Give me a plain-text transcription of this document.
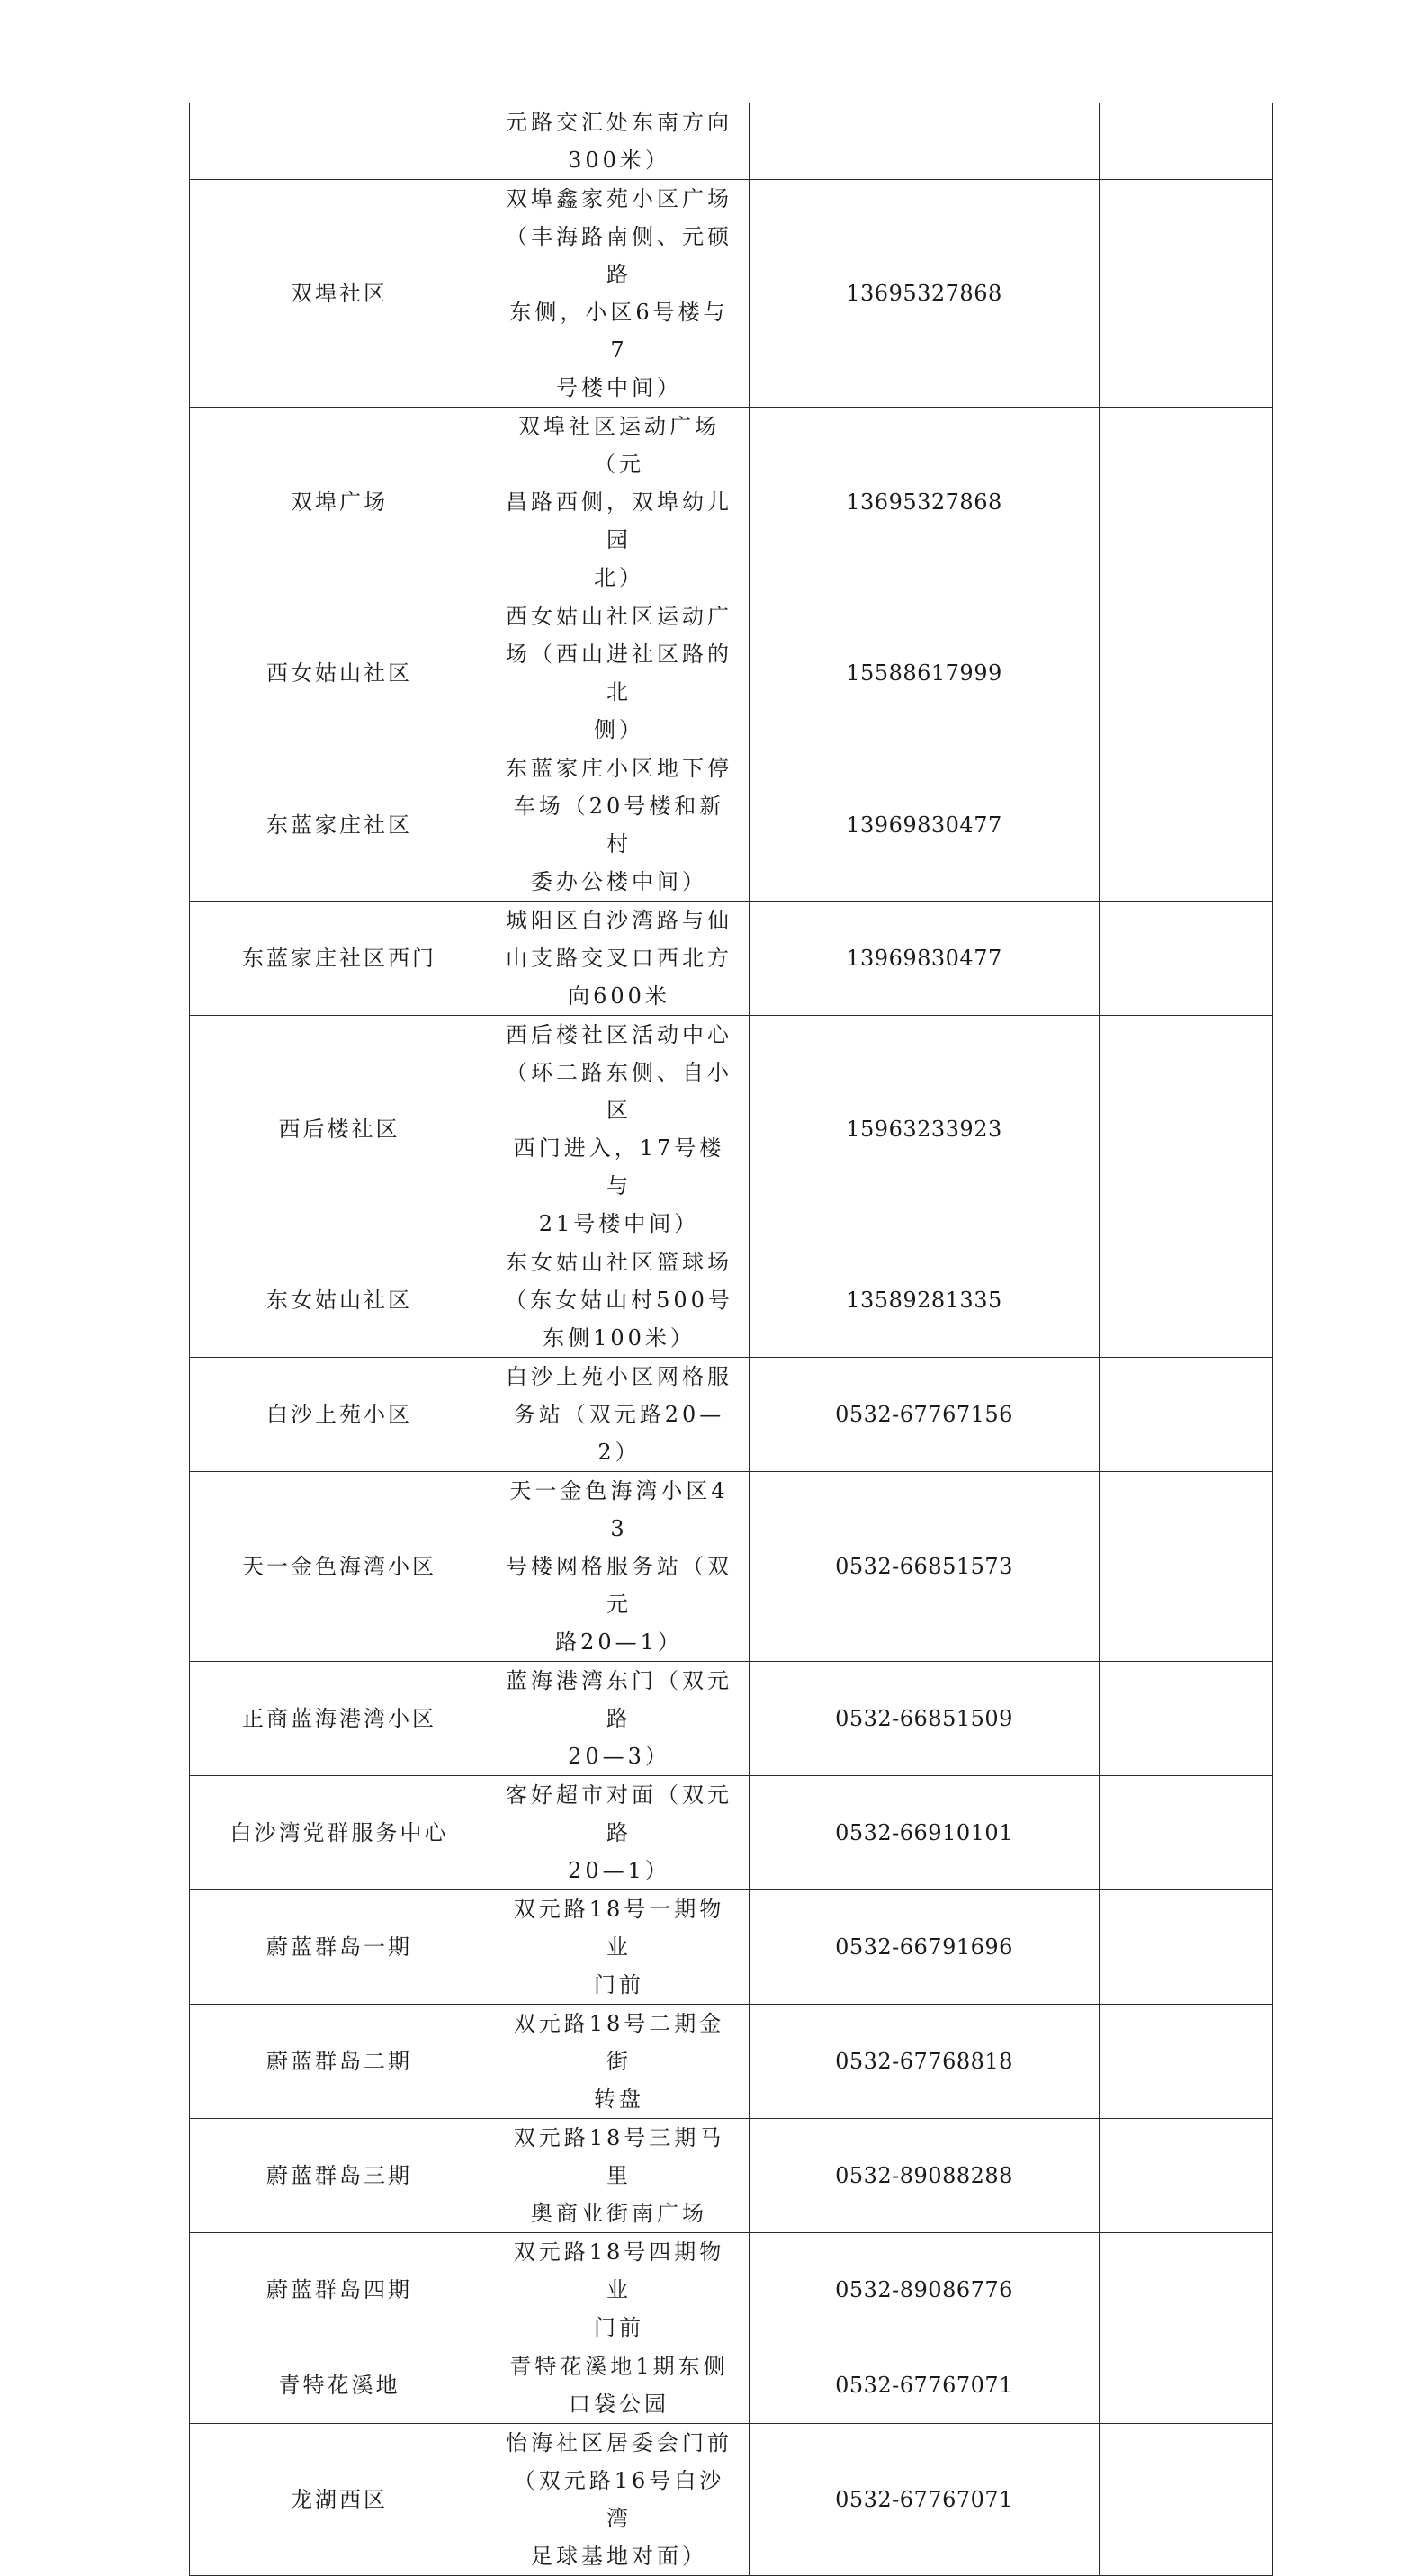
	元路交汇处东南方向
300米）		

双埠社区	双埠鑫家苑小区广场
（丰海路南侧、元硕路
东侧，小区6号楼与7
号楼中间）	13695327868	
双埠广场	双埠社区运动广场（元
昌路西侧，双埠幼儿园
北）	13695327868	
西女姑山社区	西女姑山社区运动广
场（西山进社区路的北
侧）	15588617999	
东蓝家庄社区	东蓝家庄小区地下停
车场（20号楼和新村
委办公楼中间）	13969830477	
东蓝家庄社区西门	城阳区白沙湾路与仙
山支路交叉口西北方
向600米	13969830477	
西后楼社区	西后楼社区活动中心
（环二路东侧、自小区
西门进入，17号楼与
21号楼中间）	15963233923	
东女姑山社区	东女姑山社区篮球场
（东女姑山村500号
东侧100米）	13589281335	
白沙上苑小区	白沙上苑小区网格服
务站（双元路20—2）	0532-67767156	
天一金色海湾小区	天一金色海湾小区43
号楼网格服务站（双元
路20—1）	0532-66851573	
正商蓝海港湾小区	蓝海港湾东门（双元路
20—3）	0532-66851509	
白沙湾党群服务中心	客好超市对面（双元路
20—1）	0532-66910101	
蔚蓝群岛一期	双元路18号一期物业
门前	0532-66791696	
蔚蓝群岛二期	双元路18号二期金街
转盘	0532-67768818	
蔚蓝群岛三期	双元路18号三期马里
奥商业街南广场	0532-89088288	
蔚蓝群岛四期	双元路18号四期物业
门前	0532-89086776	
青特花溪地	青特花溪地1期东侧
口袋公园	0532-67767071	
龙湖西区	怡海社区居委会门前
（双元路16号白沙湾
足球基地对面）	0532-67767071	
